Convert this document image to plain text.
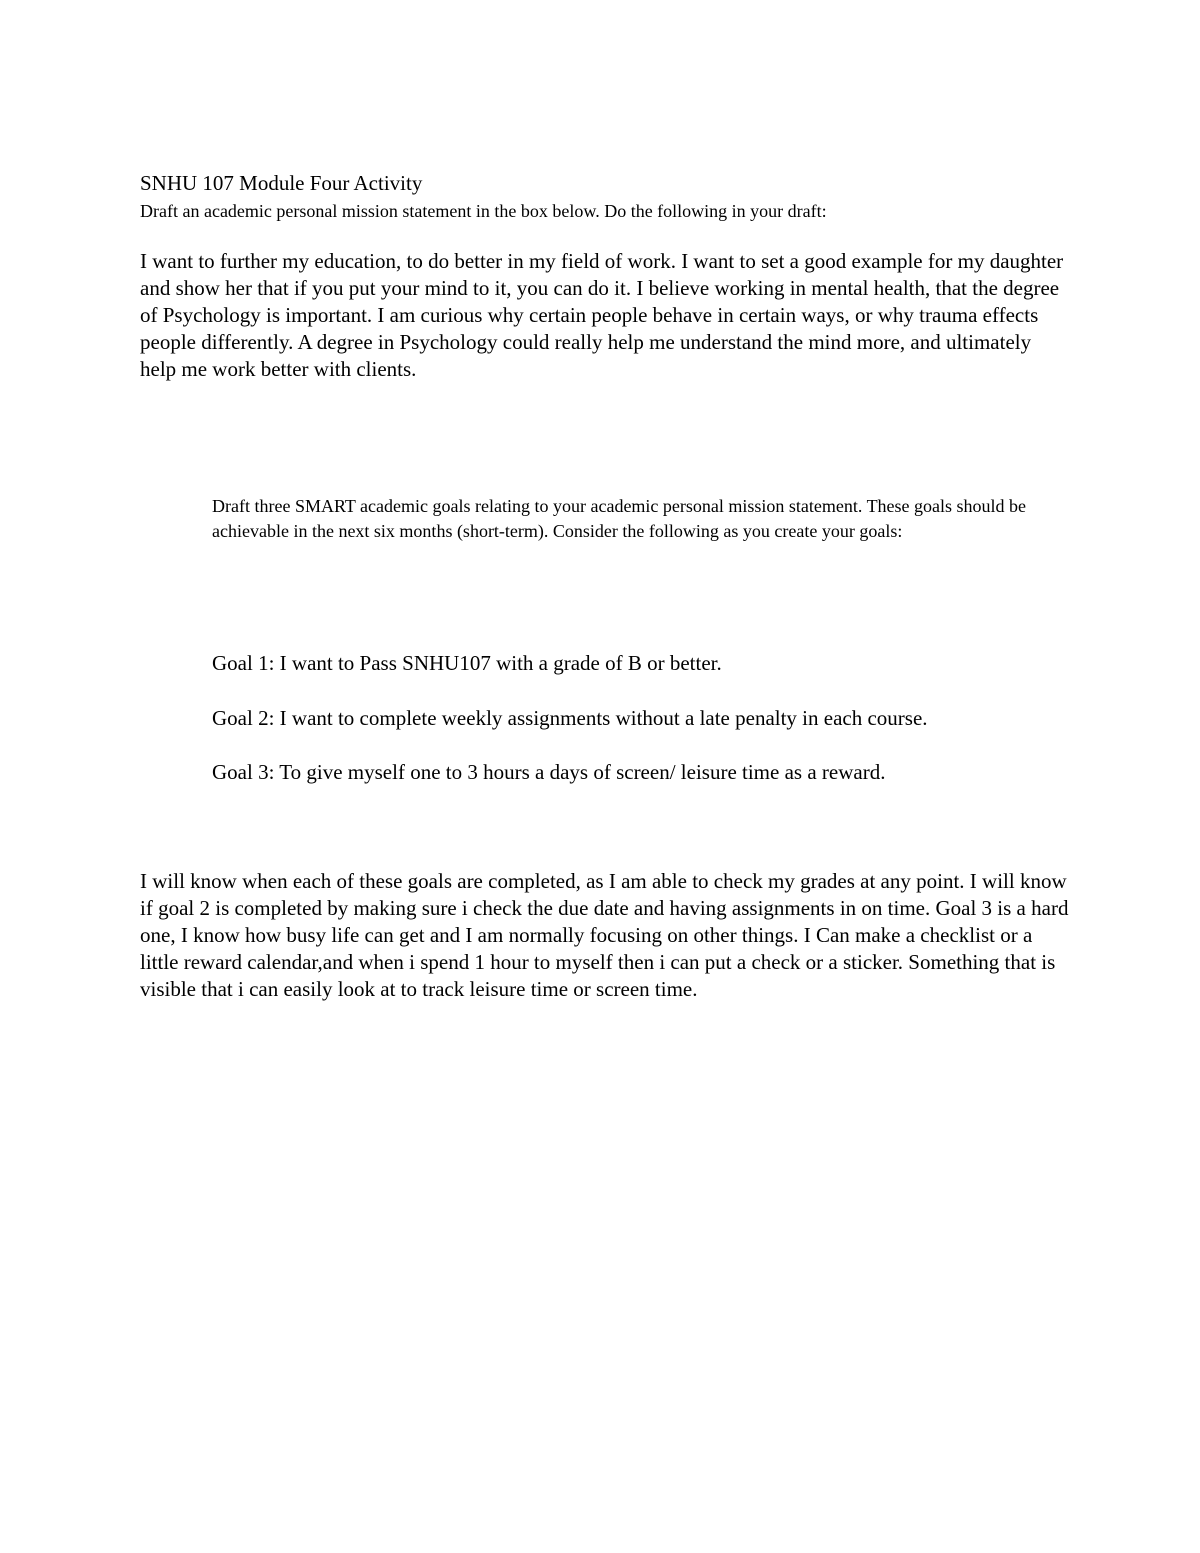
SNHU 107 Module Four Activity
Draft an academic personal mission statement in the box below. Do the following in your draft:

I want to further my education, to do better in my field of work. I want to set a good example for my daughter and show her that if you put your mind to it, you can do it. I believe working in mental health, that the degree of Psychology is important. I am curious why certain people behave in certain ways, or why trauma effects people differently. A degree in Psychology could really help me understand the mind more, and ultimately help me work better with clients.

Draft three SMART academic goals relating to your academic personal mission statement. These goals should be achievable in the next six months (short-term). Consider the following as you create your goals:

Goal 1: I want to Pass SNHU107 with a grade of B or better.

Goal 2: I want to complete weekly assignments without a late penalty in each course.

Goal 3: To give myself one to 3 hours a days of screen/ leisure time as a reward.

I will know when each of these goals are completed, as I am able to check my grades at any point. I will know if goal 2 is completed by making sure i check the due date and having assignments in on time. Goal 3 is a hard one, I know how busy life can get and I am normally focusing on other things. I Can make a checklist or a little reward calendar,and when i spend 1 hour to myself then i can put a check or a sticker. Something that is visible that i can easily look at to track leisure time or screen time.
